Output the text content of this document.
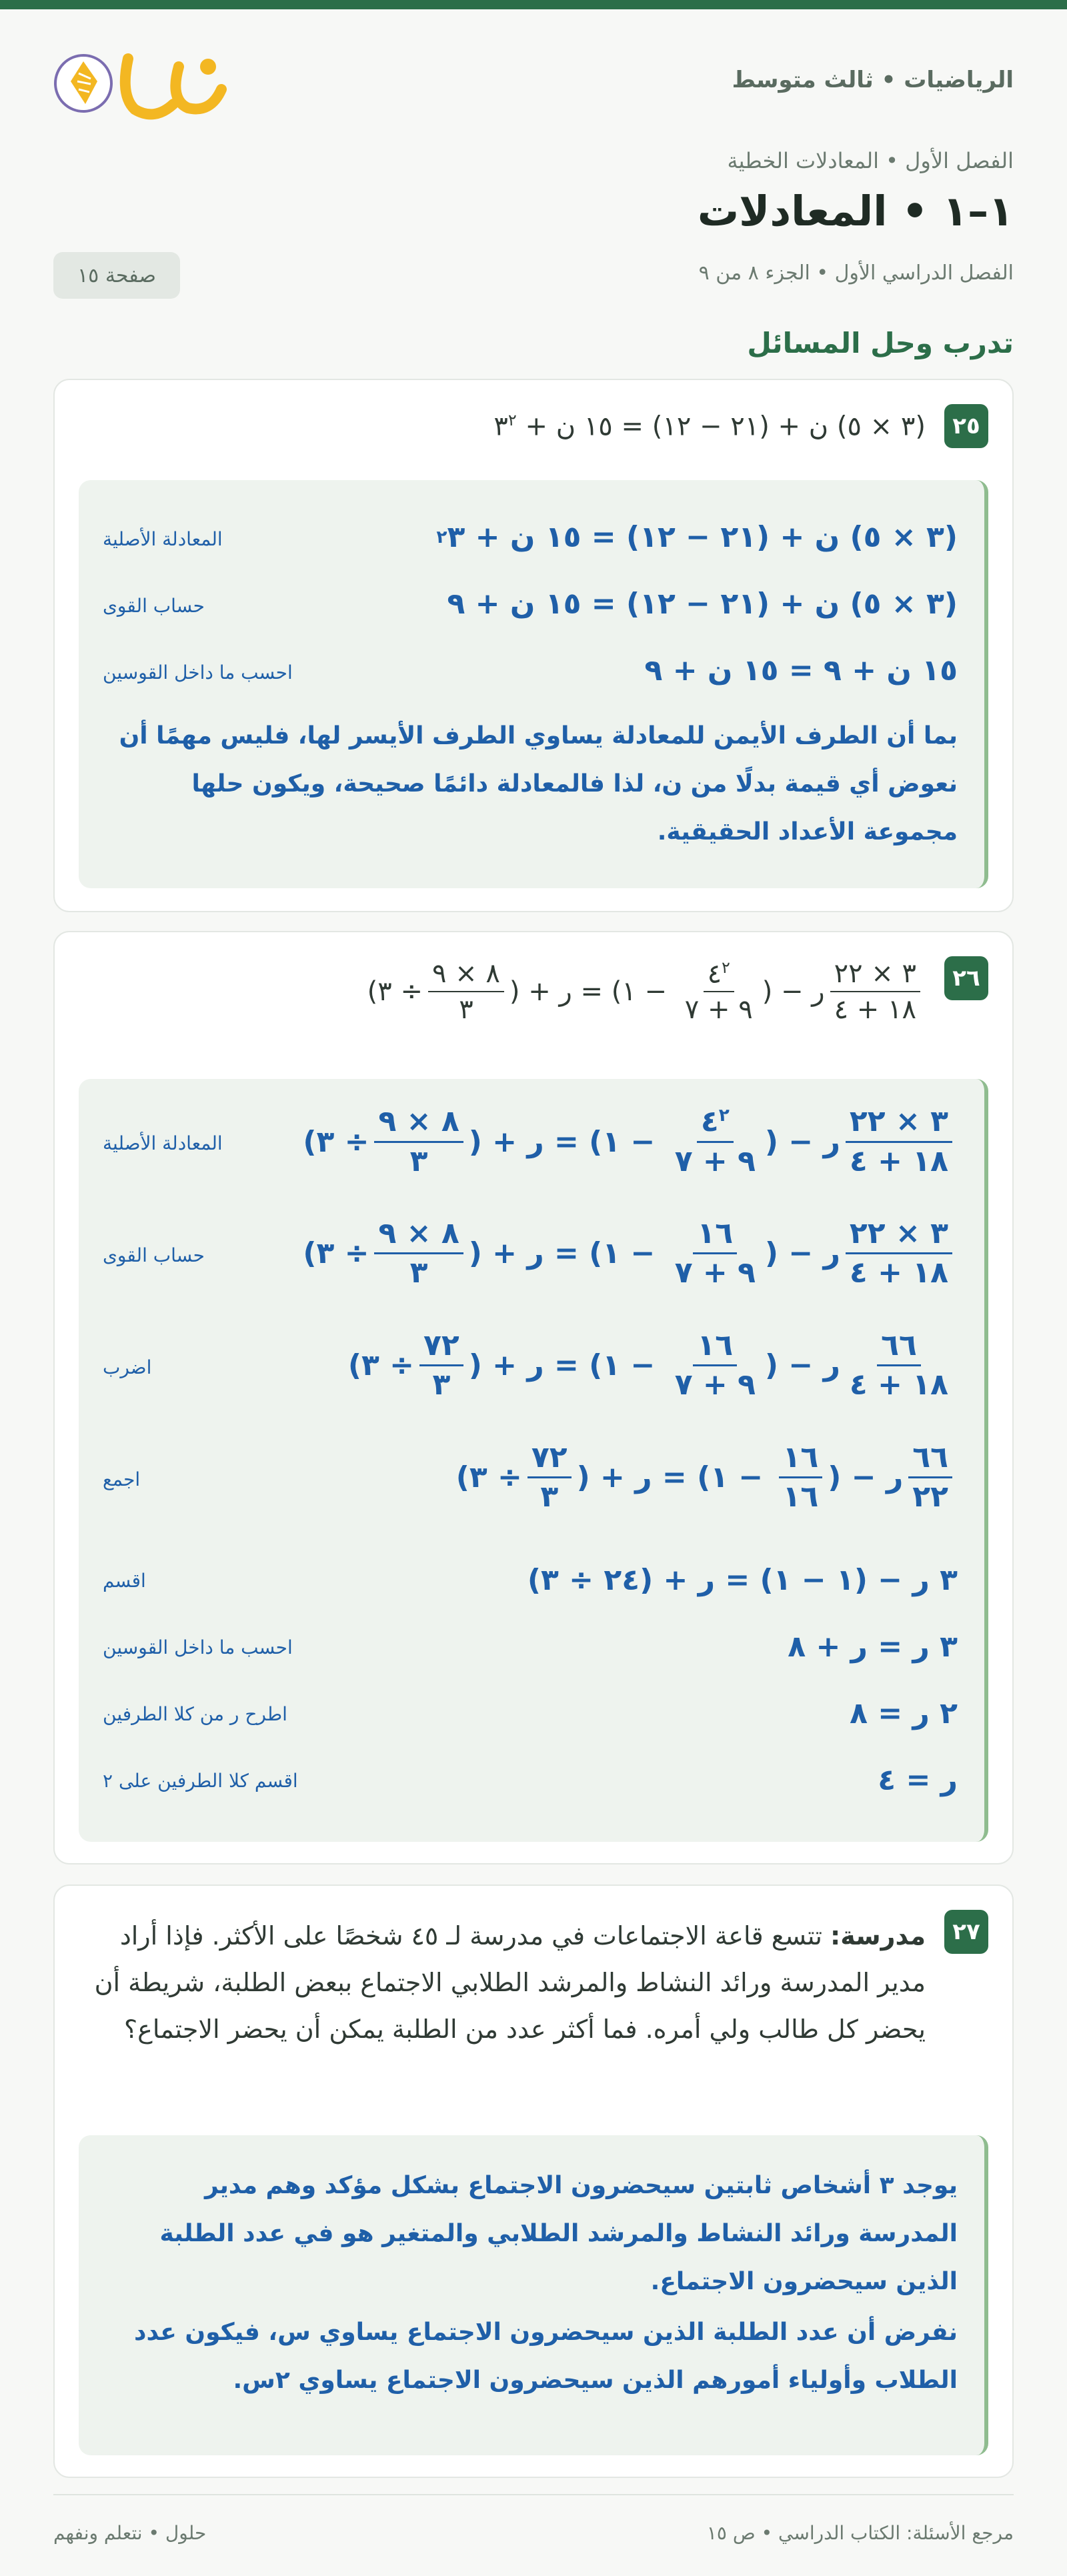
الرياضيات • ثالث متوسط
الفصل الأول • المعادلات الخطية
١–١ • المعادلات
الفصل الدراسي الأول • الجزء ٨ من ٩
صفحة ١٥
تدرب وحل المسائل
٢٥
(٣ × ٥) ن + (٢١ − ١٢) = ١٥ ن + $٣^٢$
(٣ × ٥) ن + (٢١ − ١٢) = ١٥ ن + ٣
٢
المعادلة الأصلية
(٣ × ٥) ن + (٢١ − ١٢) = ١٥ ن + ٩
حساب القوى
١٥ ن + ٩ = ١٥ ن + ٩
احسب ما داخل القوسين
بما أن الطرف الأيمن للمعادلة يساوي الطرف الأيسر لها، فليس مهمًا أن نعوض أي قيمة بدلًا من ن، لذا فالمعادلة دائمًا صحيحة، ويكون حلها مجموعة الأعداد الحقيقية.
٢٦
$\frac{٣ \times ٢٢}{١٨ + ٤}$
ر

−
(
$\frac{٤^٢}{٩ + ٧}$

−

١
)
= ر +
(
$\frac{٨ \times ٩}{٣}$
÷ ٣
)
$\frac{٣ \times ٢٢}{١٨ + ٤}$
ر

−
(
$\frac{٤^٢}{٩ + ٧}$

−

١
)
= ر +
(
$\frac{٨ \times ٩}{٣}$
÷ ٣
)
المعادلة الأصلية
$\frac{٣ \times ٢٢}{١٨ + ٤}$
ر

−
(
$\frac{١٦}{٩ + ٧}$

−

١
)
= ر +
(
$\frac{٨ \times ٩}{٣}$
÷ ٣
)
حساب القوى
$\frac{٦٦}{١٨ + ٤}$
ر

−
(
$\frac{١٦}{٩ + ٧}$

−

١
)
= ر +
(
$\frac{٧٢}{٣}$
÷ ٣
)
اضرب
$\frac{٦٦}{٢٢}$
ر

−
(
$\frac{١٦}{١٦}$

−

١
)
= ر +
(
$\frac{٧٢}{٣}$
÷ ٣
)
اجمع
٣ ر − (١ − ١) = ر + (٢٤ ÷ ٣)
اقسم
٣ ر = ر + ٨
احسب ما داخل القوسين
٢ ر = ٨
اطرح ر من كلا الطرفين
ر = ٤
اقسم كلا الطرفين على ٢
٢٧
مدرسة: تتسع قاعة الاجتماعات في مدرسة لـ ٤٥ شخصًا على الأكثر. فإذا أراد مدير المدرسة ورائد النشاط والمرشد الطلابي الاجتماع ببعض الطلبة، شريطة أن يحضر كل طالب ولي أمره. فما أكثر عدد من الطلبة يمكن أن يحضر الاجتماع؟
يوجد ٣ أشخاص ثابتين سيحضرون الاجتماع بشكل مؤكد وهم مدير المدرسة ورائد النشاط والمرشد الطلابي والمتغير هو في عدد الطلبة الذين سيحضرون الاجتماع.
نفرض أن عدد الطلبة الذين سيحضرون الاجتماع يساوي س، فيكون عدد الطلاب وأولياء أمورهم الذين سيحضرون الاجتماع يساوي ٢س.
مرجع الأسئلة: الكتاب الدراسي • ص ١٥
حلول • نتعلم ونفهم
